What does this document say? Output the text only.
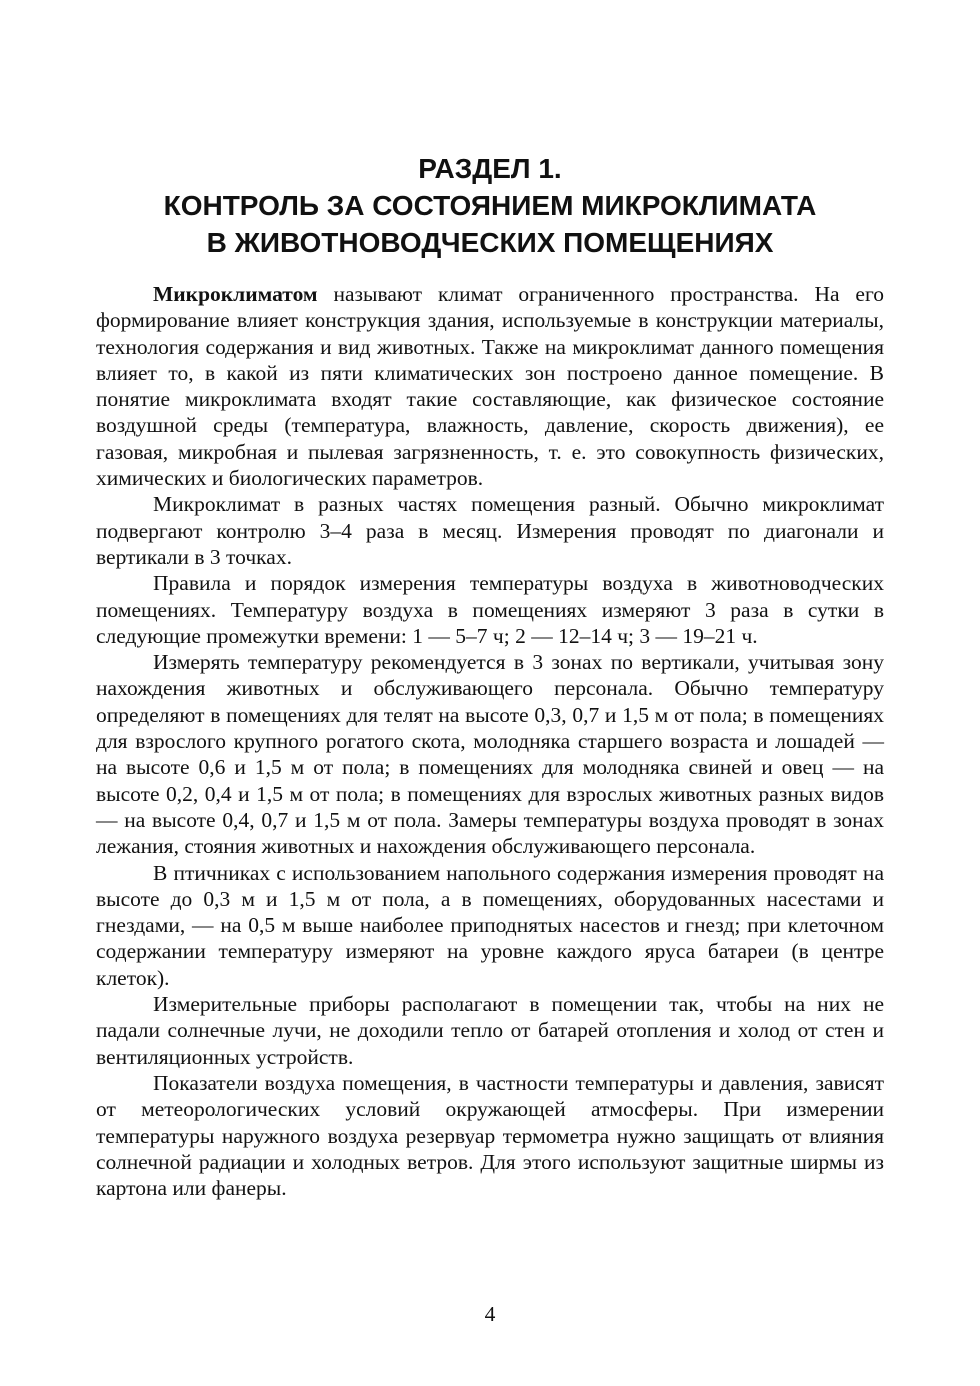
РАЗДЕЛ 1.
КОНТРОЛЬ ЗА СОСТОЯНИЕМ МИКРОКЛИМАТА
В ЖИВОТНОВОДЧЕСКИХ ПОМЕЩЕНИЯХ

Микроклиматом называют климат ограниченного пространства. На его формирование влияет конструкция здания, используемые в конструкции материалы, технология содержания и вид животных. Также на микроклимат данного помещения влияет то, в какой из пяти климатических зон построено данное помещение. В понятие микроклимата входят такие составляющие, как физическое состояние воздушной среды (температура, влажность, давление, скорость движения), ее газовая, микробная и пылевая загрязненность, т. е. это совокупность физических, химических и биологических параметров.

Микроклимат в разных частях помещения разный. Обычно микроклимат подвергают контролю 3–4 раза в месяц. Измерения проводят по диагонали и вертикали в 3 точках.

Правила и порядок измерения температуры воздуха в животноводческих помещениях. Температуру воздуха в помещениях измеряют 3 раза в сутки в следующие промежутки времени: 1 — 5–7 ч; 2 — 12–14 ч; 3 — 19–21 ч.

Измерять температуру рекомендуется в 3 зонах по вертикали, учитывая зону нахождения животных и обслуживающего персонала. Обычно температуру определяют в помещениях для телят на высоте 0,3, 0,7 и 1,5 м от пола; в помещениях для взрослого крупного рогатого скота, молодняка старшего возраста и лошадей — на высоте 0,6 и 1,5 м от пола; в помещениях для молодняка свиней и овец — на высоте 0,2, 0,4 и 1,5 м от пола; в помещениях для взрослых животных разных видов — на высоте 0,4, 0,7 и 1,5 м от пола. Замеры температуры воздуха проводят в зонах лежания, стояния животных и нахождения обслуживающего персонала.

В птичниках с использованием напольного содержания измерения проводят на высоте до 0,3 м и 1,5 м от пола, а в помещениях, оборудованных насестами и гнездами, — на 0,5 м выше наиболее приподнятых насестов и гнезд; при клеточном содержании температуру измеряют на уровне каждого яруса батареи (в центре клеток).

Измерительные приборы располагают в помещении так, чтобы на них не падали солнечные лучи, не доходили тепло от батарей отопления и холод от стен и вентиляционных устройств.

Показатели воздуха помещения, в частности температуры и давления, зависят от метеорологических условий окружающей атмосферы. При измерении температуры наружного воздуха резервуар термометра нужно защищать от влияния солнечной радиации и холодных ветров. Для этого используют защитные ширмы из картона или фанеры.

4
